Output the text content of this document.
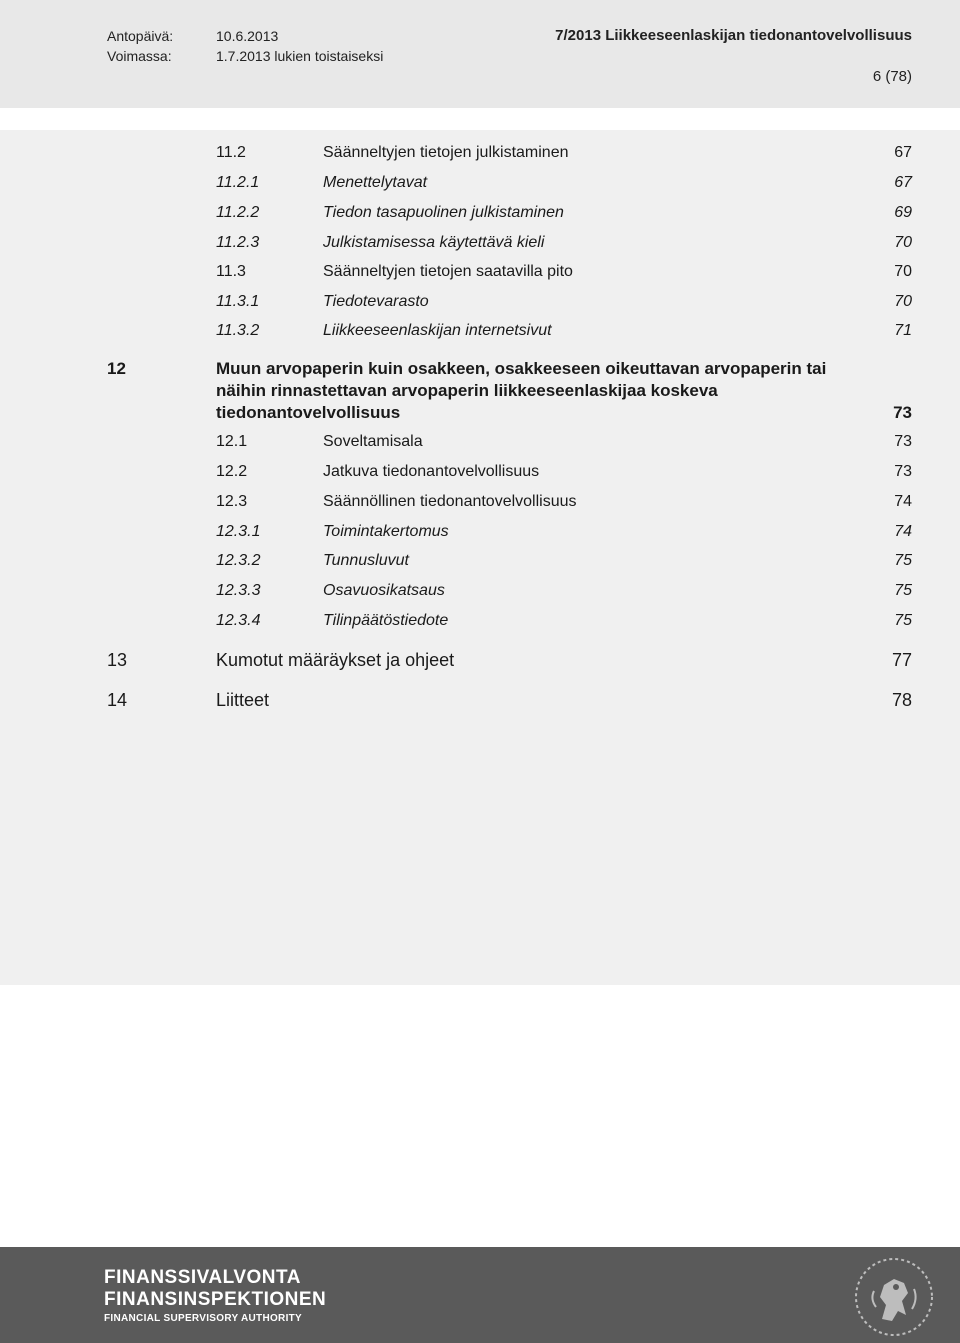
Antopäivä:	10.6.2013
Voimassa:	1.7.2013 lukien toistaiseksi
7/2013 Liikkeeseenlaskijan tiedonantovelvollisuus
6 (78)
11.2	Säänneltyjen tietojen julkistaminen	67
11.2.1	Menettelytavat	67
11.2.2	Tiedon tasapuolinen julkistaminen	69
11.2.3	Julkistamisessa käytettävä kieli	70
11.3	Säänneltyjen tietojen saatavilla pito	70
11.3.1	Tiedotevarasto	70
11.3.2	Liikkeeseenlaskijan internetsivut	71
12	Muun arvopaperin kuin osakkeen, osakkeeseen oikeuttavan arvopaperin tai
näihin rinnastettavan arvopaperin liikkeeseenlaskijaa koskeva
tiedonantovelvollisuus	73
12.1	Soveltamisala	73
12.2	Jatkuva tiedonantovelvollisuus	73
12.3	Säännöllinen tiedonantovelvollisuus	74
12.3.1	Toimintakertomus	74
12.3.2	Tunnusluvut	75
12.3.3	Osavuosikatsaus	75
12.3.4	Tilinpäätöstiedote	75
13	Kumotut määräykset ja ohjeet	77
14	Liitteet	78
FINANSSIVALVONTA
FINANSINSPEKTIONEN
FINANCIAL SUPERVISORY AUTHORITY
